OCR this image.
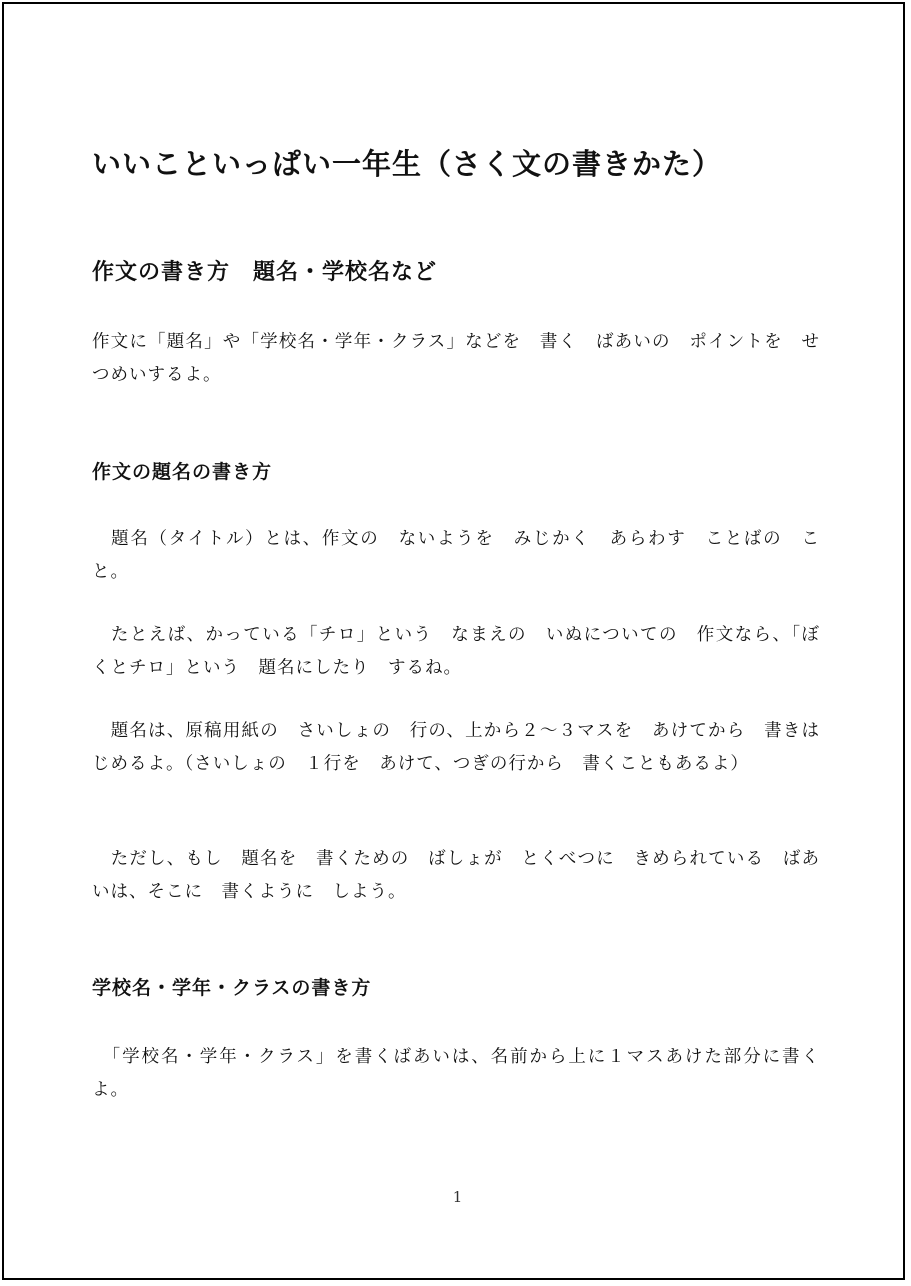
いいこといっぱい一年生（さく文の書きかた）
作文の書き方　題名・学校名など

作文に「題名」や「学校名・学年・クラス」などを　書く　ばあいの　ポイントを　せつめいするよ。

作文の題名の書き方

　題名（タイトル）とは、作文の　ないようを　みじかく　あらわす　ことばの　こと。

　たとえば、かっている「チロ」という　なまえの　いぬについての　作文なら、「ぼくとチロ」という　題名にしたり　するね。

　題名は、原稿用紙の　さいしょの　行の、上から２～３マスを　あけてから　書きはじめるよ。（さいしょの　１行を　あけて、つぎの行から　書くこともあるよ）

　ただし、もし　題名を　書くための　ばしょが　とくべつに　きめられている　ばあいは、そこに　書くように　しよう。

学校名・学年・クラスの書き方

　「学校名・学年・クラス」を書くばあいは、名前から上に１マスあけた部分に書くよ。

1
